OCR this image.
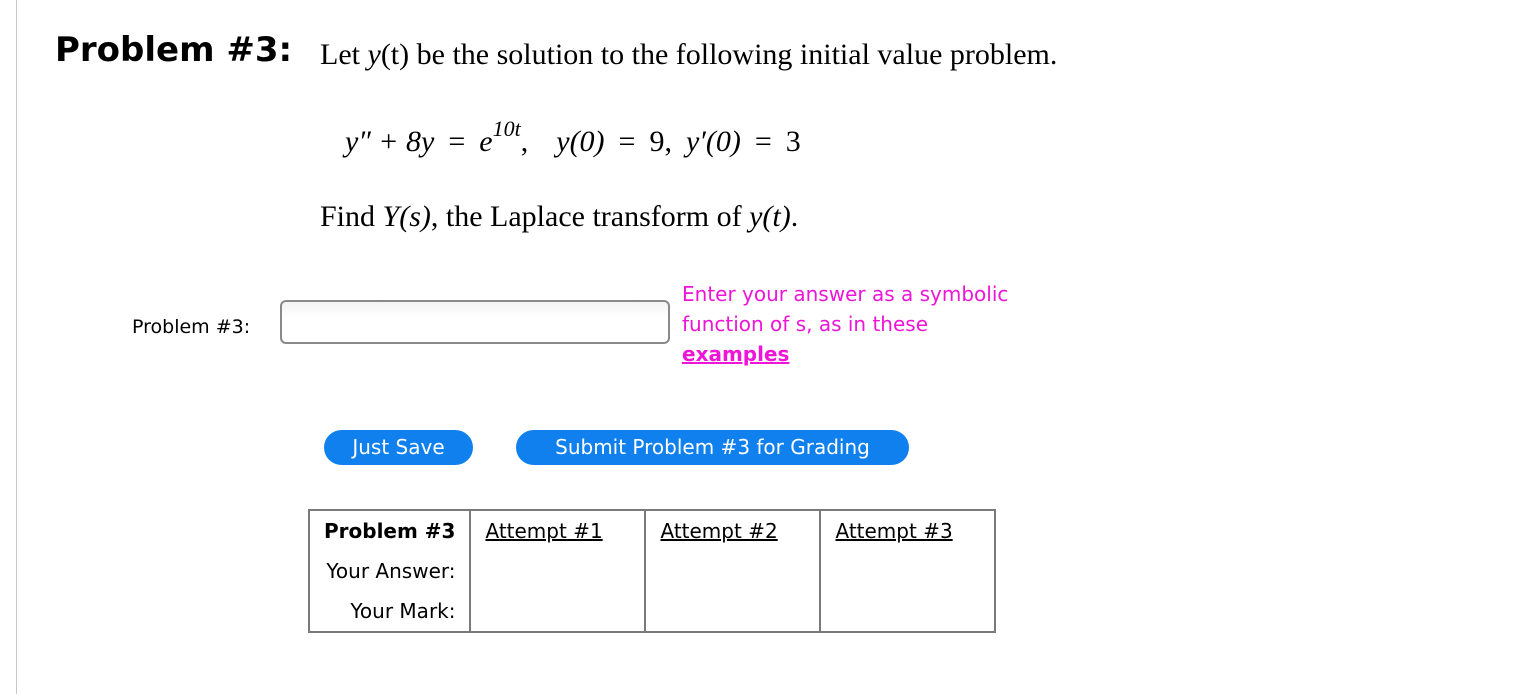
Problem #3: Let y(t) be the solution to the following initial value problem.
$y'' + 8y = e^{10t}$, y(0) = 9, y′(0) = 3
Find Y(s), the Laplace transform of y(t).
Problem #3:
Enter your answer as a symbolic function of s, as in these
examples
Just Save	Submit Problem #3 for Grading
Problem #3	Attempt #1	Attempt #2	Attempt #3
Your Answer:			
Your Mark:			
